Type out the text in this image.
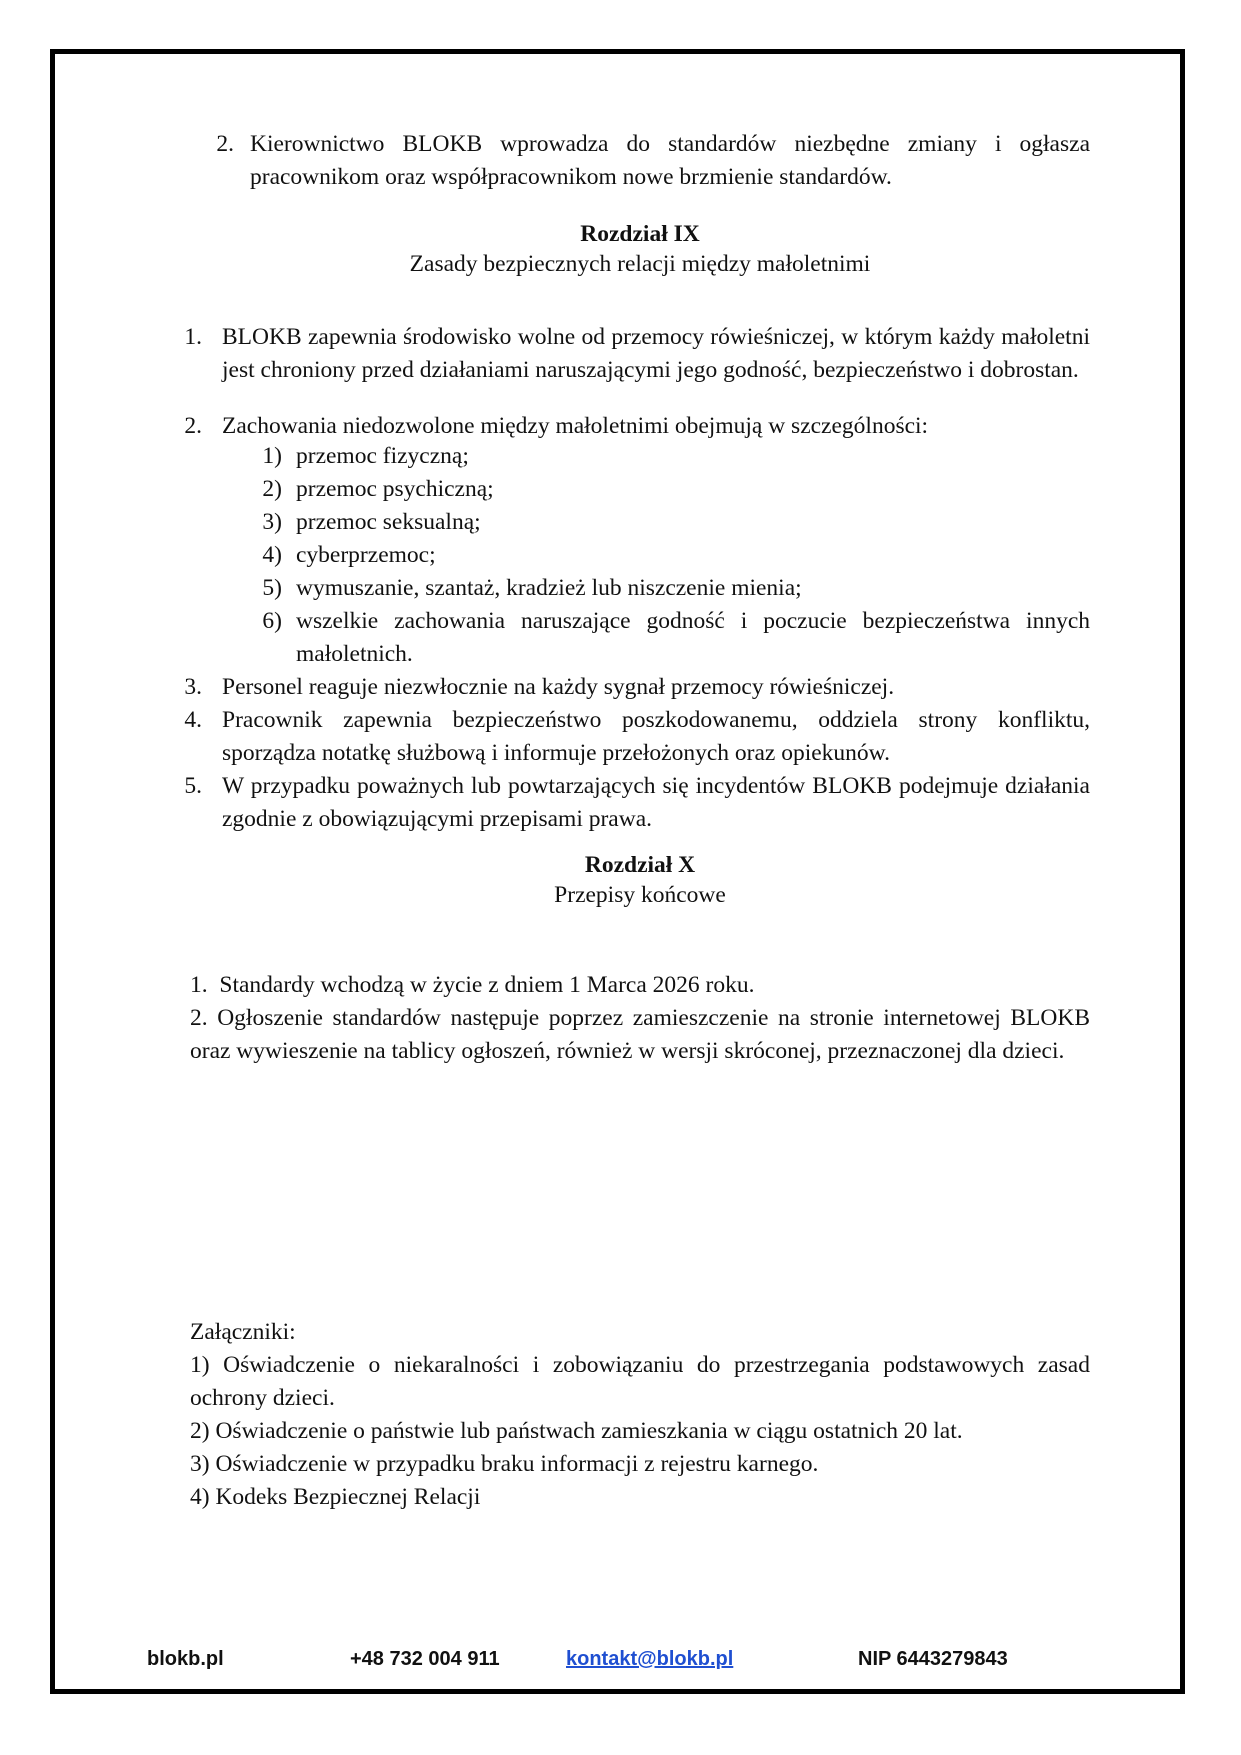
2. Kierownictwo BLOKB wprowadza do standardów niezbędne zmiany i ogłasza pracownikom oraz współpracownikom nowe brzmienie standardów.
Rozdział IX
Zasady bezpiecznych relacji między małoletnimi
1. BLOKB zapewnia środowisko wolne od przemocy rówieśniczej, w którym każdy małoletni jest chroniony przed działaniami naruszającymi jego godność, bezpieczeństwo i dobrostan.
2. Zachowania niedozwolone między małoletnimi obejmują w szczególności:
1) przemoc fizyczną;
2) przemoc psychiczną;
3) przemoc seksualną;
4) cyberprzemoc;
5) wymuszanie, szantaż, kradzież lub niszczenie mienia;
6) wszelkie zachowania naruszające godność i poczucie bezpieczeństwa innych małoletnich.
3. Personel reaguje niezwłocznie na każdy sygnał przemocy rówieśniczej.
4. Pracownik zapewnia bezpieczeństwo poszkodowanemu, oddziela strony konfliktu, sporządza notatkę służbową i informuje przełożonych oraz opiekunów.
5. W przypadku poważnych lub powtarzających się incydentów BLOKB podejmuje działania zgodnie z obowiązującymi przepisami prawa.
Rozdział X
Przepisy końcowe
1.  Standardy wchodzą w życie z dniem 1 Marca 2026 roku.
2. Ogłoszenie standardów następuje poprzez zamieszczenie na stronie internetowej BLOKB oraz wywieszenie na tablicy ogłoszeń, również w wersji skróconej, przeznaczonej dla dzieci.
Załączniki:
1) Oświadczenie o niekaralności i zobowiązaniu do przestrzegania podstawowych zasad ochrony dzieci.
2) Oświadczenie o państwie lub państwach zamieszkania w ciągu ostatnich 20 lat.
3) Oświadczenie w przypadku braku informacji z rejestru karnego.
4) Kodeks Bezpiecznej Relacji
blokb.pl	+48 732 004 911	kontakt@blokb.pl	NIP 6443279843
